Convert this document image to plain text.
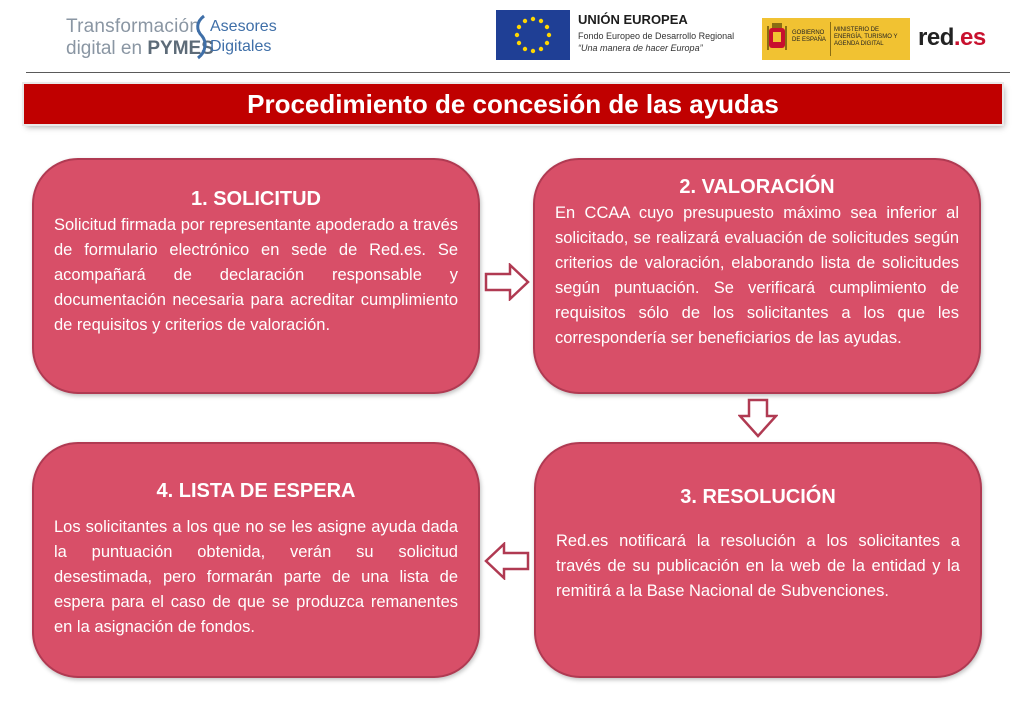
Transformación
digital en PYMES
Asesores
Digitales
UNIÓN EUROPEA
Fondo Europeo de Desarrollo Regional
“Una manera de hacer Europa”
GOBIERNO DE ESPAÑA
MINISTERIO DE ENERGÍA, TURISMO Y AGENDA DIGITAL	red.es
Procedimiento de concesión de las ayudas
1. SOLICITUD

Solicitud firmada por representante apoderado a través de formulario electrónico en sede de Red.es. Se acompañará de declaración responsable y documentación necesaria para acreditar cumplimiento de requisitos y criterios de valoración.

2. VALORACIÓN

En CCAA cuyo presupuesto máximo sea inferior al solicitado, se realizará evaluación de solicitudes según criterios de valoración, elaborando lista de solicitudes según puntuación. Se verificará cumplimiento de requisitos sólo de los solicitantes a los que les correspondería ser beneficiarios de las ayudas.

3. RESOLUCIÓN

Red.es notificará la resolución a los solicitantes a través de su publicación en la web de la entidad y la remitirá a la Base Nacional de Subvenciones.

4. LISTA DE ESPERA

Los solicitantes a los que no se les asigne ayuda dada la puntuación obtenida, verán su solicitud desestimada, pero formarán parte de una lista de espera para el caso de que se produzca remanentes en la asignación de fondos.
